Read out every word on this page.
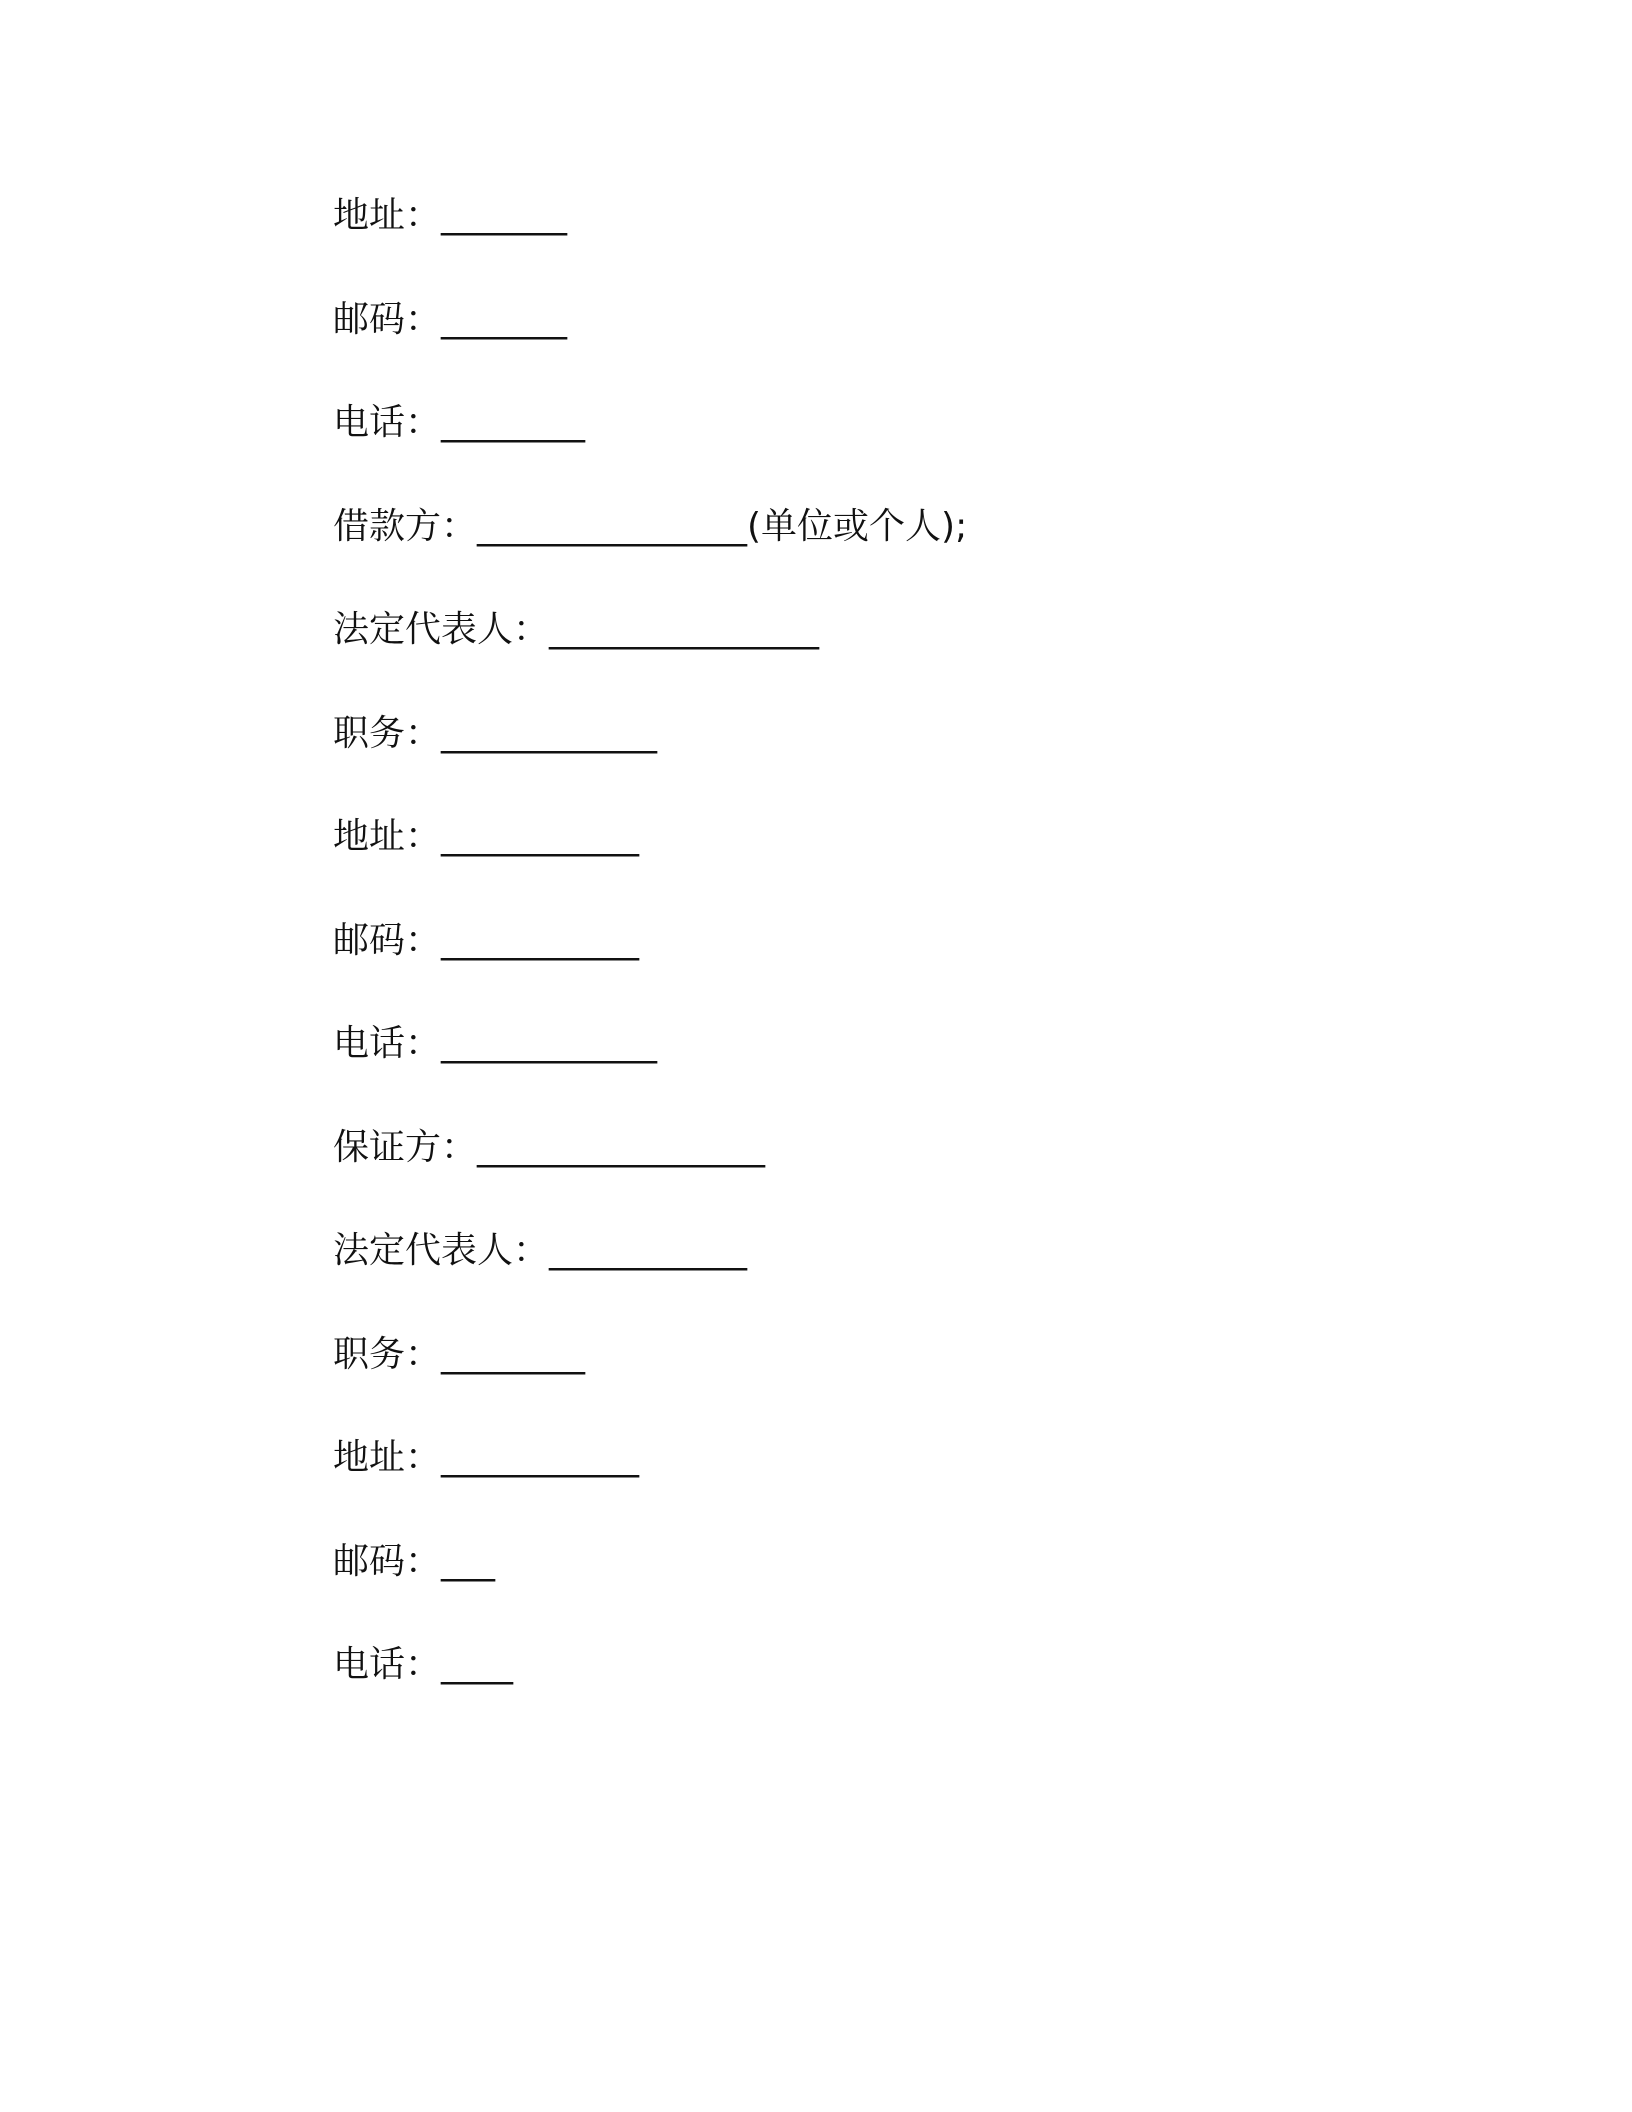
地址：_______
邮码：_______
电话：________
借款方：_______________(单位或个人);
法定代表人：_______________
职务：____________
地址：___________
邮码：___________
电话：____________
保证方：________________
法定代表人：___________
职务：________
地址：___________
邮码：___
电话：____
